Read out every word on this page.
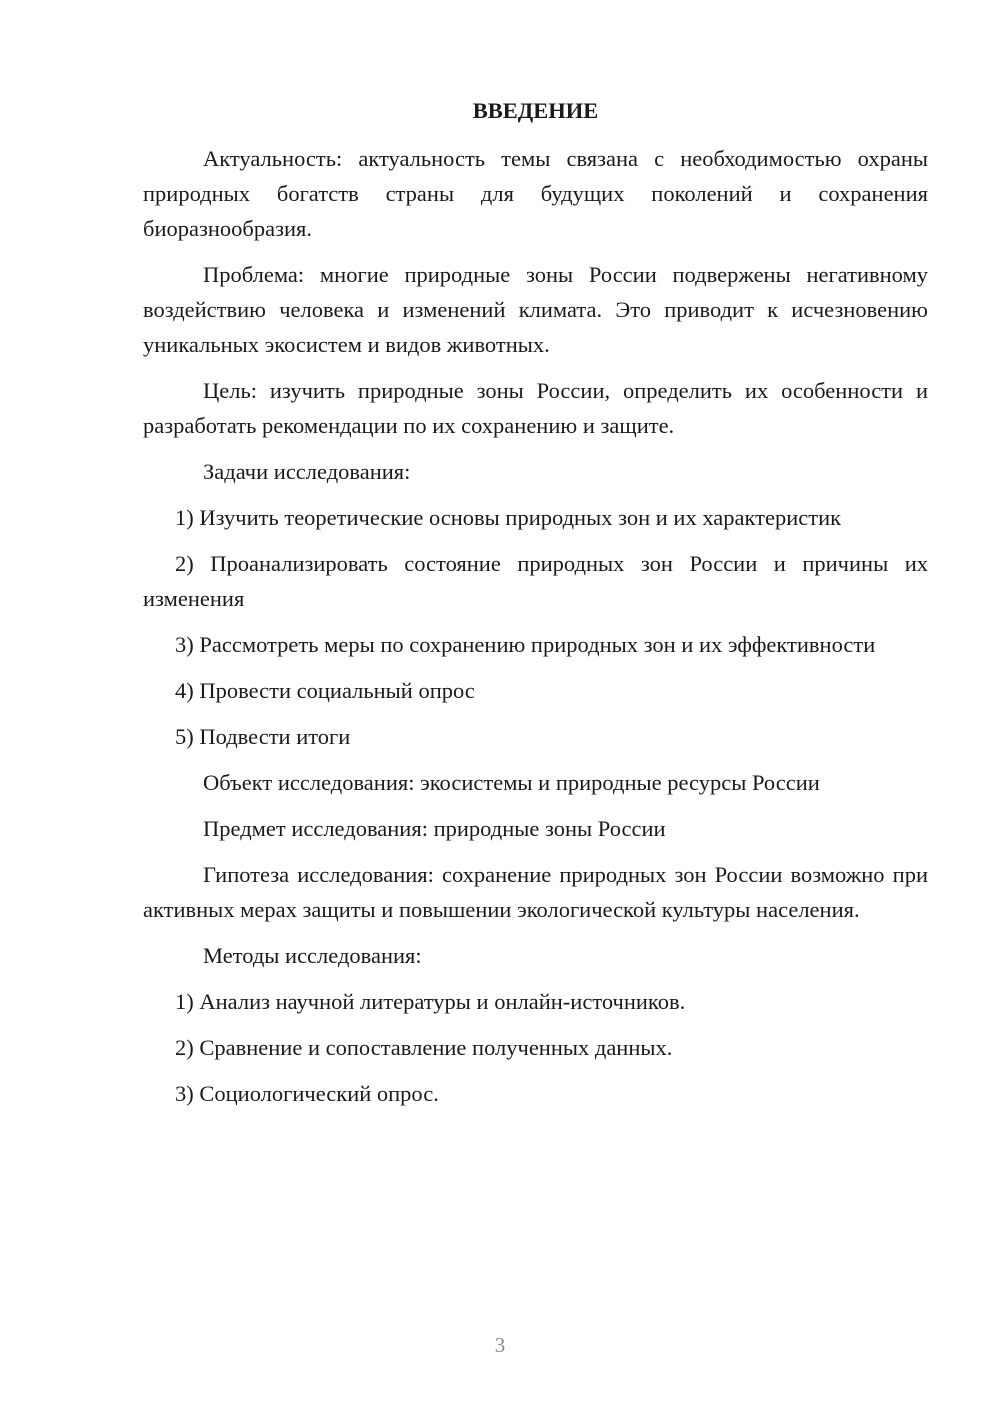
ВВЕДЕНИЕ

Актуальность: актуальность темы связана с необходимостью охраны природных богатств страны для будущих поколений и сохранения биоразнообразия.

Проблема: многие природные зоны России подвержены негативному воздействию человека и изменений климата. Это приводит к исчезновению уникальных экосистем и видов животных.

Цель: изучить природные зоны России, определить их особенности и разработать рекомендации по их сохранению и защите.

Задачи исследования:

1) Изучить теоретические основы природных зон и их характеристик

2) Проанализировать состояние природных зон России и причины их изменения

3) Рассмотреть меры по сохранению природных зон и их эффективности

4) Провести социальный опрос

5) Подвести итоги

Объект исследования: экосистемы и природные ресурсы России

Предмет исследования: природные зоны России

Гипотеза исследования: сохранение природных зон России возможно при активных мерах защиты и повышении экологической культуры населения.

Методы исследования:

1) Анализ научной литературы и онлайн-источников.

2) Сравнение и сопоставление полученных данных.

3) Социологический опрос.

3
